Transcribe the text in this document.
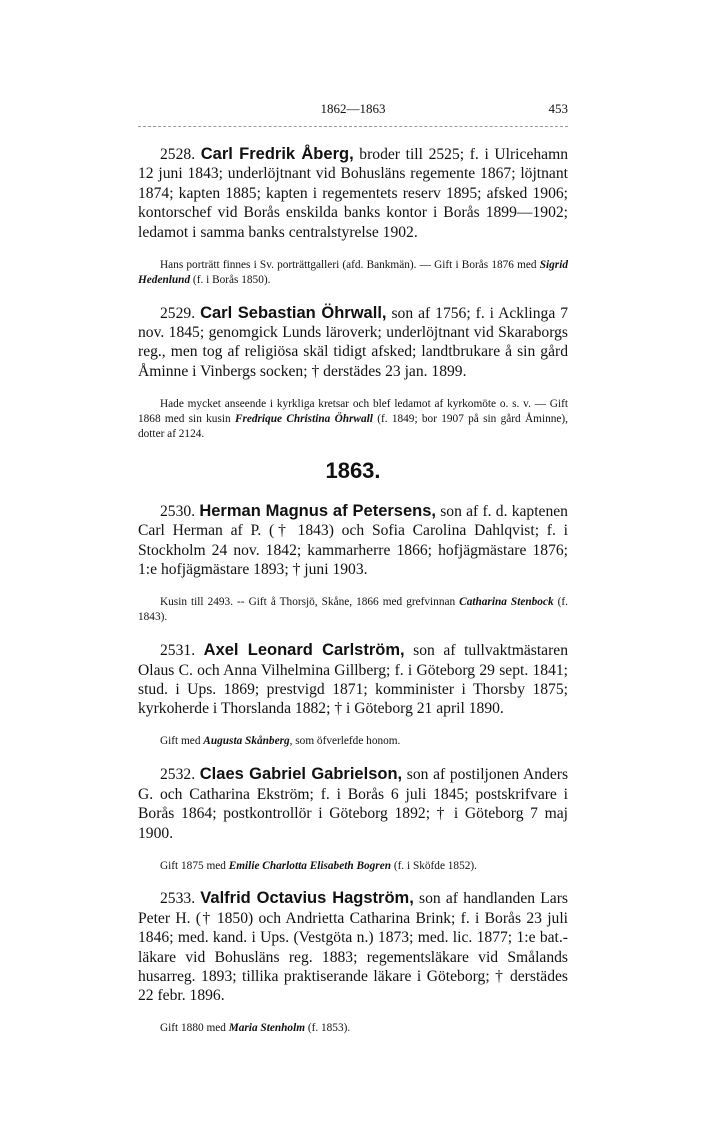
1862—1863	453

2528. Carl Fredrik Åberg, broder till 2525; f. i Ulricehamn 12 juni 1843; underlöjtnant vid Bohusläns regemente 1867; löjtnant 1874; kapten 1885; kapten i regementets reserv 1895; afsked 1906; kontorschef vid Borås enskilda banks kontor i Borås 1899—1902; ledamot i samma banks centralstyrelse 1902.

Hans porträtt finnes i Sv. porträttgalleri (afd. Bankmän). — Gift i Borås 1876 med Sigrid Hedenlund (f. i Borås 1850).

2529. Carl Sebastian Öhrwall, son af 1756; f. i Acklinga 7 nov. 1845; genomgick Lunds läroverk; underlöjtnant vid Skaraborgs reg., men tog af religiösa skäl tidigt afsked; landtbrukare å sin gård Åminne i Vinbergs socken; † derstädes 23 jan. 1899.

Hade mycket anseende i kyrkliga kretsar och blef ledamot af kyrkomöte o. s. v. — Gift 1868 med sin kusin Fredrique Christina Öhrwall (f. 1849; bor 1907 på sin gård Åminne), dotter af 2124.

1863.

2530. Herman Magnus af Petersens, son af f. d. kaptenen Carl Herman af P. († 1843) och Sofia Carolina Dahlqvist; f. i Stockholm 24 nov. 1842; kammarherre 1866; hofjägmästare 1876; 1:e hofjägmästare 1893; † juni 1903.

Kusin till 2493. -- Gift å Thorsjö, Skåne, 1866 med grefvinnan Catharina Stenbock (f. 1843).

2531. Axel Leonard Carlström, son af tullvaktmästaren Olaus C. och Anna Vilhelmina Gillberg; f. i Göteborg 29 sept. 1841; stud. i Ups. 1869; prestvigd 1871; komminister i Thorsby 1875; kyrkoherde i Thorslanda 1882; † i Göteborg 21 april 1890.

Gift med Augusta Skånberg, som öfverlefde honom.

2532. Claes Gabriel Gabrielson, son af postiljonen Anders G. och Catharina Ekström; f. i Borås 6 juli 1845; postskrifvare i Borås 1864; postkontrollör i Göteborg 1892; † i Göteborg 7 maj 1900.

Gift 1875 med Emilie Charlotta Elisabeth Bogren (f. i Sköfde 1852).

2533. Valfrid Octavius Hagström, son af handlanden Lars Peter H. († 1850) och Andrietta Catharina Brink; f. i Borås 23 juli 1846; med. kand. i Ups. (Vestgöta n.) 1873; med. lic. 1877; 1:e bat.-läkare vid Bohusläns reg. 1883; regementsläkare vid Smålands husarreg. 1893; tillika praktiserande läkare i Göteborg; † derstädes 22 febr. 1896.

Gift 1880 med Maria Stenholm (f. 1853).
